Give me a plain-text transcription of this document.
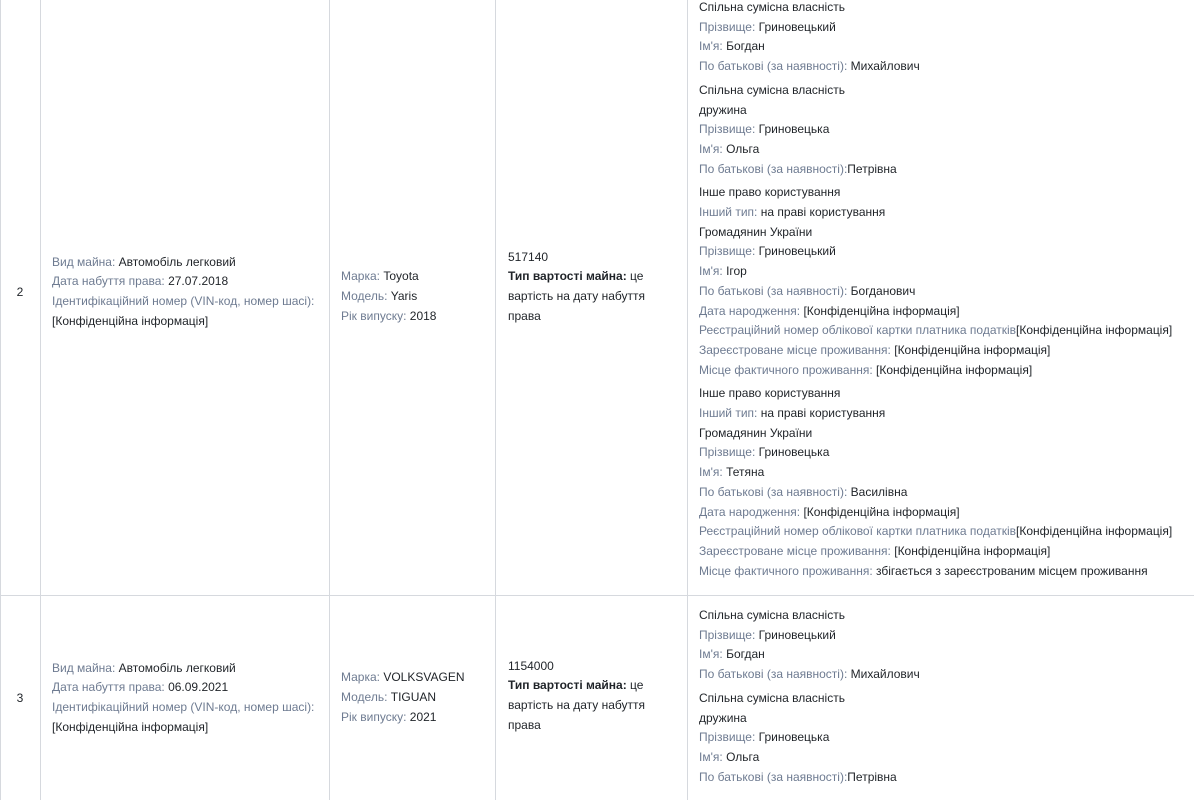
2
Вид майна: Автомобіль легковий
Дата набуття права: 27.07.2018
Ідентифікаційний номер (VIN-код, номер шасі): [Конфіденційна інформація]
Марка: Toyota
Модель: Yaris
Рік випуску: 2018
517140
Тип вартості майна: це вартість на дату набуття права
Спільна сумісна власність
Прізвище: Гриновецький
Ім'я: Богдан
По батькові (за наявності): Михайлович
Спільна сумісна власність
дружина
Прізвище: Гриновецька
Ім'я: Ольга
По батькові (за наявності):Петрівна
Інше право користування
Інший тип: на праві користування
Громадянин України
Прізвище: Гриновецький
Ім'я: Ігор
По батькові (за наявності): Богданович
Дата народження: [Конфіденційна інформація]
Реєстраційний номер облікової картки платника податків[Конфіденційна інформація]
Зареєстроване місце проживання: [Конфіденційна інформація]
Місце фактичного проживання: [Конфіденційна інформація]
Інше право користування
Інший тип: на праві користування
Громадянин України
Прізвище: Гриновецька
Ім'я: Тетяна
По батькові (за наявності): Василівна
Дата народження: [Конфіденційна інформація]
Реєстраційний номер облікової картки платника податків[Конфіденційна інформація]
Зареєстроване місце проживання: [Конфіденційна інформація]
Місце фактичного проживання: збігається з зареєстрованим місцем проживання
3
Вид майна: Автомобіль легковий
Дата набуття права: 06.09.2021
Ідентифікаційний номер (VIN-код, номер шасі): [Конфіденційна інформація]
Марка: VOLKSVAGEN
Модель: TIGUAN
Рік випуску: 2021
1154000
Тип вартості майна: це вартість на дату набуття права
Спільна сумісна власність
Прізвище: Гриновецький
Ім'я: Богдан
По батькові (за наявності): Михайлович
Спільна сумісна власність
дружина
Прізвище: Гриновецька
Ім'я: Ольга
По батькові (за наявності):Петрівна
